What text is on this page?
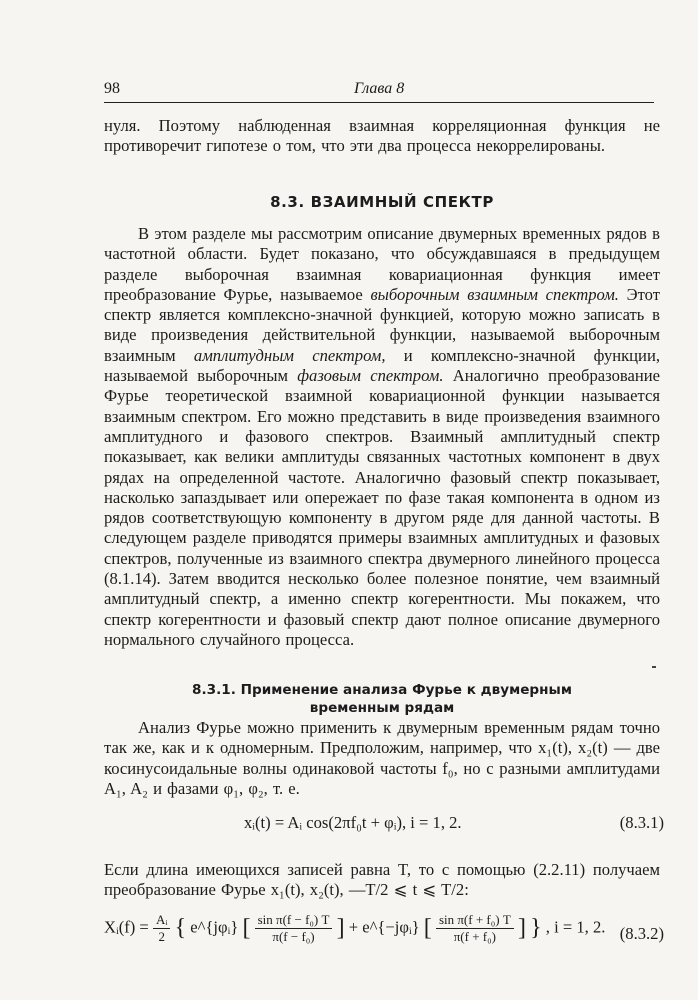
98	Глава 8
нуля. Поэтому наблюденная взаимная корреляционная функция не противоречит гипотезе о том, что эти два процесса некоррелированы.
8.3. ВЗАИМНЫЙ СПЕКТР
В этом разделе мы рассмотрим описание двумерных временных рядов в частотной области. Будет показано, что обсуждавшаяся в предыдущем разделе выборочная взаимная ковариационная функция имеет преобразование Фурье, называемое выборочным взаимным спектром. Этот спектр является комплексно-значной функцией, которую можно записать в виде произведения действительной функции, называемой выборочным взаимным амплитудным спектром, и комплексно-значной функции, называемой выборочным фазовым спектром. Аналогично преобразование Фурье теоретической взаимной ковариационной функции называется взаимным спектром. Его можно представить в виде произведения взаимного амплитудного и фазового спектров. Взаимный амплитудный спектр показывает, как велики амплитуды связанных частотных компонент в двух рядах на определенной частоте. Аналогично фазовый спектр показывает, насколько запаздывает или опережает по фазе такая компонента в одном из рядов соответствующую компоненту в другом ряде для данной частоты. В следующем разделе приводятся примеры взаимных амплитудных и фазовых спектров, полученные из взаимного спектра двумерного линейного процесса (8.1.14). Затем вводится несколько более полезное понятие, чем взаимный амплитудный спектр, а именно спектр когерентности. Мы покажем, что спектр когерентности и фазовый спектр дают полное описание двумерного нормального случайного процесса.
8.3.1. Применение анализа Фурье к двумерным
временным рядам
Анализ Фурье можно применить к двумерным временным рядам точно так же, как и к одномерным. Предположим, например, что x₁(t), x₂(t) — две косинусоидальные волны одинаковой частоты f₀, но с разными амплитудами A₁, A₂ и фазами φ₁, φ₂, т. е.
xᵢ(t) = Aᵢ cos(2πf₀t + φᵢ), i = 1, 2.	(8.3.1)
Если длина имеющихся записей равна T, то с помощью (2.2.11) получаем преобразование Фурье x₁(t), x₂(t), —T/2 ⩽ t ⩽ T/2:
Xᵢ(f) = $\frac{\text{Aᵢ}}{2}$ { e^{jφᵢ} [ $\frac{\text{sin π(f − f₀) T}}{\text{π(f − f₀)}}$ ] + e^{−jφᵢ} [ $\frac{\text{sin π(f + f₀) T}}{\text{π(f + f₀)}}$ ] } , i = 1, 2. (8.3.2)
